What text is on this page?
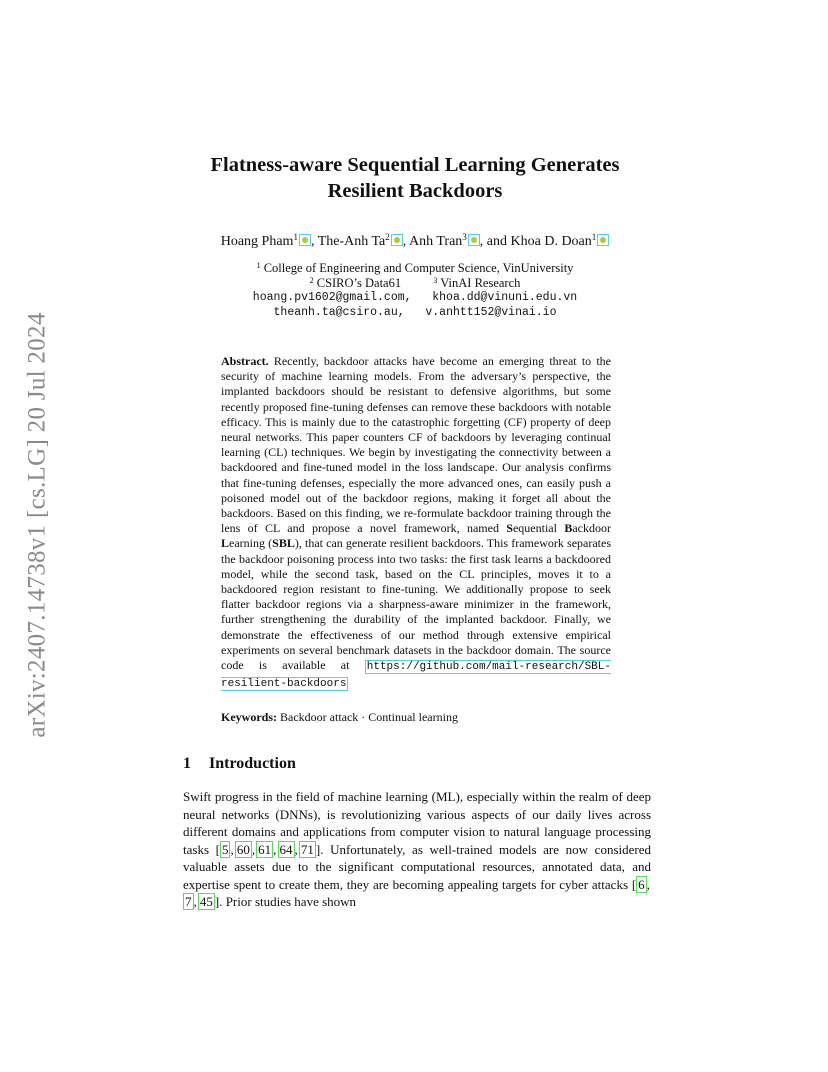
arXiv:2407.14738v1 [cs.LG] 20 Jul 2024
Flatness-aware Sequential Learning Generates
Resilient Backdoors
Hoang Pham$^1$ , The-Anh Ta$^2$ , Anh Tran$^3$ , and Khoa D. Doan$^1$
$^1$ College of Engineering and Computer Science, VinUniversity
$^2$ CSIRO’s Data61	$^3$ VinAI Research
hoang.pv1602@gmail.com, khoa.dd@vinuni.edu.vn
theanh.ta@csiro.au, v.anhtt152@vinai.io
Abstract. Recently, backdoor attacks have become an emerging threat to the security of machine learning models. From the adversary’s perspective, the implanted backdoors should be resistant to defensive algorithms, but some recently proposed fine-tuning defenses can remove these backdoors with notable efficacy. This is mainly due to the catastrophic forgetting (CF) property of deep neural networks. This paper counters CF of backdoors by leveraging continual learning (CL) techniques. We begin by investigating the connectivity between a backdoored and fine-tuned model in the loss landscape. Our analysis confirms that fine-tuning defenses, especially the more advanced ones, can easily push a poisoned model out of the backdoor regions, making it forget all about the backdoors. Based on this finding, we re-formulate backdoor training through the lens of CL and propose a novel framework, named Sequential Backdoor Learning (SBL), that can generate resilient backdoors. This framework separates the backdoor poisoning process into two tasks: the first task learns a backdoored model, while the second task, based on the CL principles, moves it to a backdoored region resistant to fine-tuning. We additionally propose to seek flatter backdoor regions via a sharpness-aware minimizer in the framework, further strengthening the durability of the implanted backdoor. Finally, we demonstrate the effectiveness of our method through extensive empirical experiments on several benchmark datasets in the backdoor domain. The source code is available at https://github.com/mail-research/SBL-resilient-backdoors
Keywords: Backdoor attack · Continual learning
1 Introduction
Swift progress in the field of machine learning (ML), especially within the realm of deep neural networks (DNNs), is revolutionizing various aspects of our daily lives across different domains and applications from computer vision to natural language processing tasks [ 5 , 60 , 61 , 64 , 71 ]. Unfortunately, as well-trained models are now considered valuable assets due to the significant computational resources, annotated data, and expertise spent to create them, they are becoming appealing targets for cyber attacks [ 6 , 7 , 45 ]. Prior studies have shown
